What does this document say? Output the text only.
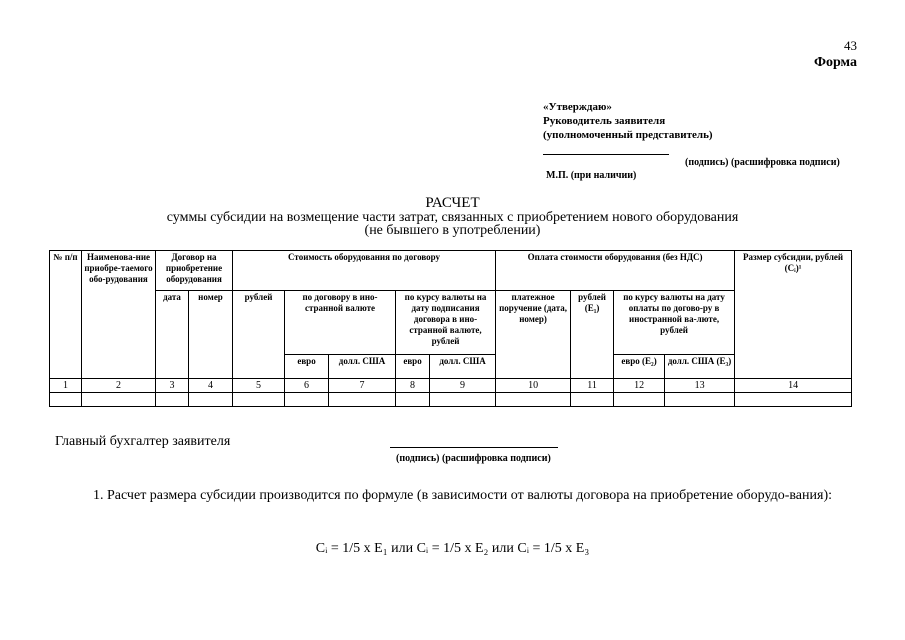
43
Форма
«Утверждаю»
Руководитель заявителя
(уполномоченный представитель)
(подпись) (расшифровка подписи)
М.П. (при наличии)
РАСЧЕТ
суммы субсидии на возмещение части затрат, связанных с приобретением нового оборудования
(не бывшего в употреблении)
№ п/п	Наименова-ние приобре-таемого обо-рудования	Договор на приобретение оборудования		Стоимость оборудования по договору					Оплата стоимости оборудования (без НДС)				Размер субсидии, рублей (Сᵢ)¹
		дата	номер	рублей	по договору в ино-странной валюте		по курсу валюты на дату подписания договора в ино-странной валюте, рублей		платежное поручение (дата, номер)	рублей (Е₁)	по курсу валюты на дату оплаты по догово-ру в иностранной ва-люте, рублей		
					евро	долл. США	евро	долл. США			евро (Е₂)	долл. США (Е₃)	
1	2	3	4	5	6	7	8	9	10	11	12	13	14

Главный бухгалтер заявителя
(подпись) (расшифровка подписи)
1. Расчет размера субсидии производится по формуле (в зависимости от валюты договора на приобретение оборудо-вания):
Сᵢ = 1/5 х Е₁ или Сᵢ = 1/5 х Е₂ или Сᵢ = 1/5 х Е₃
